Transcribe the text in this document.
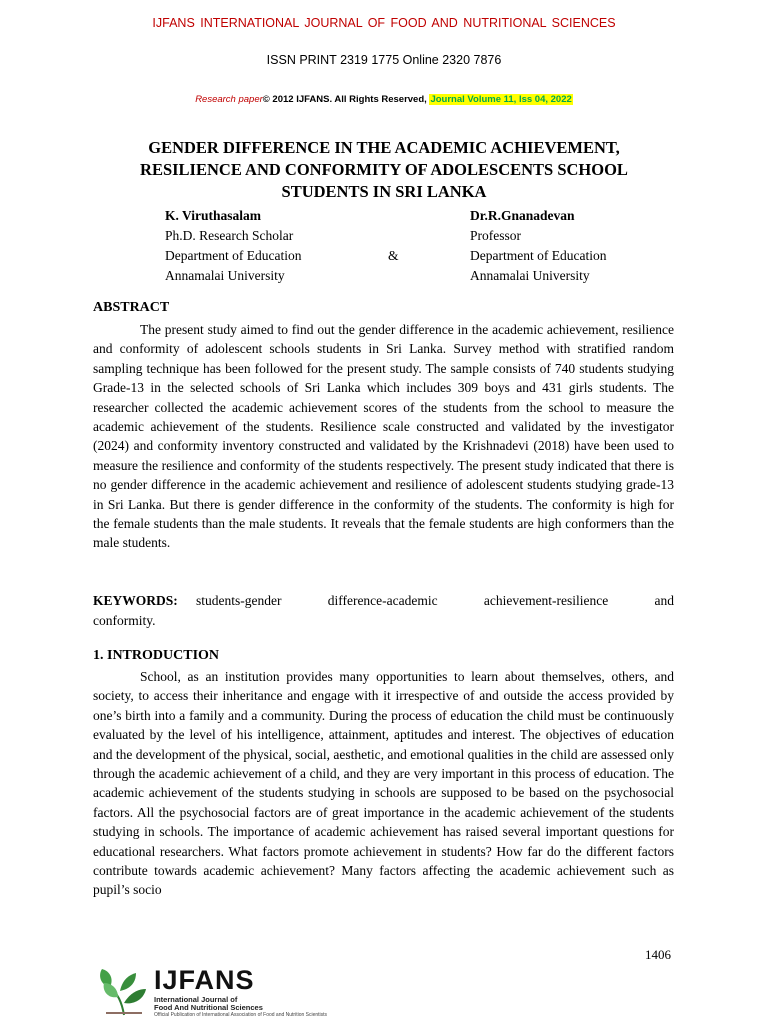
IJFANS INTERNATIONAL JOURNAL OF FOOD AND NUTRITIONAL SCIENCES
ISSN PRINT 2319 1775 Online 2320 7876
Research paper© 2012 IJFANS. All Rights Reserved, Journal Volume 11, Iss 04, 2022
GENDER DIFFERENCE IN THE ACADEMIC ACHIEVEMENT, RESILIENCE AND CONFORMITY OF ADOLESCENTS SCHOOL STUDENTS IN SRI LANKA
K. Viruthasalam
Ph.D. Research Scholar
Department of Education
Annamalai University
&
Dr.R.Gnanadevan
Professor
Department of Education
Annamalai University
ABSTRACT

The present study aimed to find out the gender difference in the academic achievement, resilience and conformity of adolescent schools students in Sri Lanka. Survey method with stratified random sampling technique has been followed for the present study. The sample consists of 740 students studying Grade-13 in the selected schools of Sri Lanka which includes 309 boys and 431 girls students. The researcher collected the academic achievement scores of the students from the school to measure the academic achievement of the students. Resilience scale constructed and validated by the investigator (2024) and conformity inventory constructed and validated by the Krishnadevi (2018) have been used to measure the resilience and conformity of the students respectively. The present study indicated that there is no gender difference in the academic achievement and resilience of adolescent students studying grade-13 in Sri Lanka. But there is gender difference in the conformity of the students. The conformity is high for the female students than the male students. It reveals that the female students are high conformers than the male students.

KEYWORDS: students-gender difference-academic achievement-resilience and conformity.
1. INTRODUCTION

School, as an institution provides many opportunities to learn about themselves, others, and society, to access their inheritance and engage with it irrespective of and outside the access provided by one’s birth into a family and a community. During the process of education the child must be continuously evaluated by the level of his intelligence, attainment, aptitudes and interest. The objectives of education and the development of the physical, social, aesthetic, and emotional qualities in the child are assessed only through the academic achievement of a child, and they are very important in this process of education. The academic achievement of the students studying in schools are supposed to be based on the psychosocial factors. All the psychosocial factors are of great importance in the academic achievement of the students studying in schools. The importance of academic achievement has raised several important questions for educational researchers. What factors promote achievement in students? How far do the different factors contribute towards academic achievement? Many factors affecting the academic achievement such as pupil’s socio

1406
IJFANS
International Journal of
Food And Nutritional Sciences
Official Publication of International Association of Food and Nutrition Scientists
